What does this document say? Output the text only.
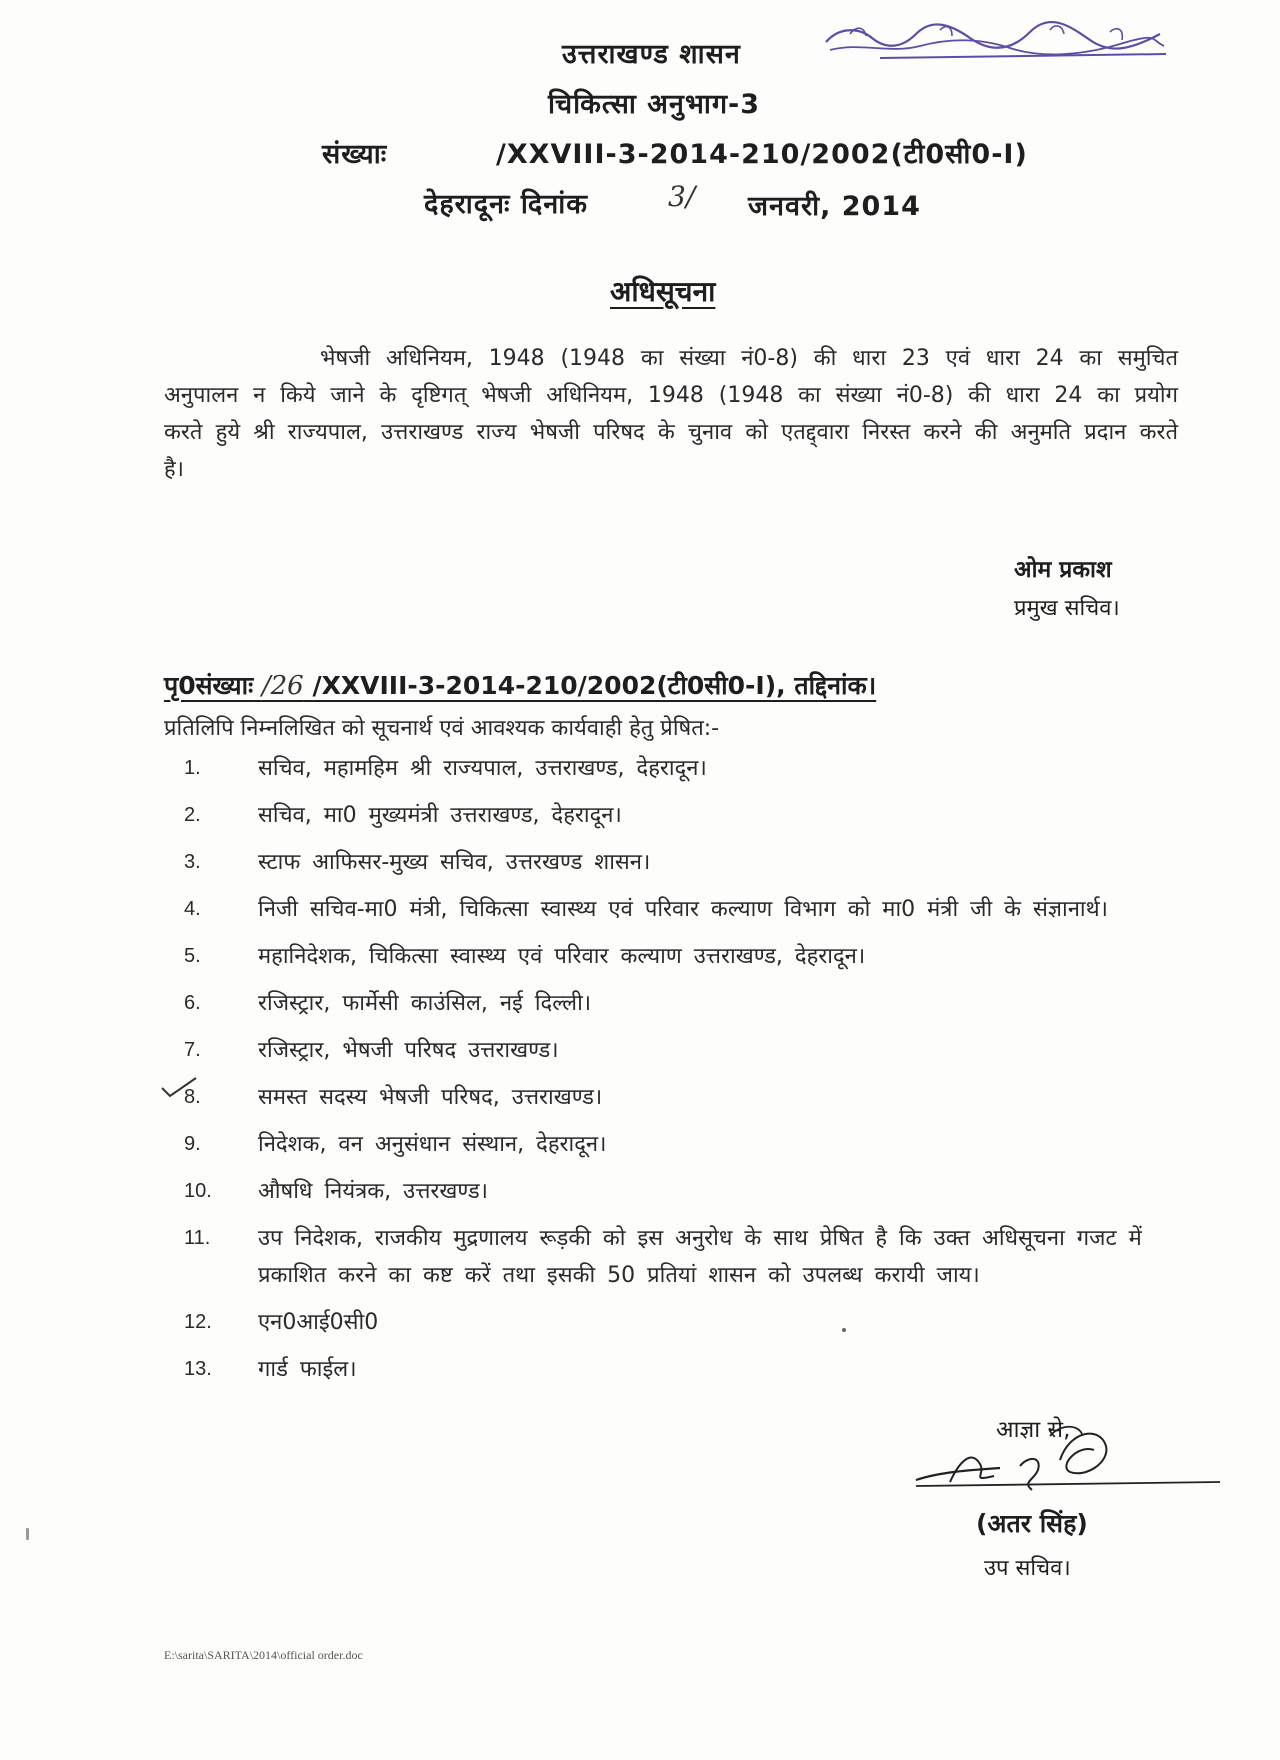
उत्तराखण्ड शासन
चिकित्सा अनुभाग-3
संख्याः	/XXVIII-3-2014-210/2002(टी0सी0-I)
देहरादूनः दिनांक	3/ जनवरी, 2014
अधिसूचना
भेषजी अधिनियम, 1948 (1948 का संख्या नं0-8) की धारा 23 एवं धारा 24 का समुचित अनुपालन न किये जाने के दृष्टिगत् भेषजी अधिनियम, 1948 (1948 का संख्या नं0-8) की धारा 24 का प्रयोग करते हुये श्री राज्यपाल, उत्तराखण्ड राज्य भेषजी परिषद के चुनाव को एतद्द्वारा निरस्त करने की अनुमति प्रदान करते है।
ओम प्रकाश
प्रमुख सचिव।
पृ0संख्याः /26 /XXVIII-3-2014-210/2002(टी0सी0-I), तद्दिनांक।
प्रतिलिपि निम्नलिखित को सूचनार्थ एवं आवश्यक कार्यवाही हेतु प्रेषित:-
1.	सचिव, महामहिम श्री राज्यपाल, उत्तराखण्ड, देहरादून।
2.	सचिव, मा0 मुख्यमंत्री उत्तराखण्ड, देहरादून।
3.	स्टाफ आफिसर-मुख्य सचिव, उत्तरखण्ड शासन।
4.	निजी सचिव-मा0 मंत्री, चिकित्सा स्वास्थ्य एवं परिवार कल्याण विभाग को मा0 मंत्री जी के संज्ञानार्थ।
5.	महानिदेशक, चिकित्सा स्वास्थ्य एवं परिवार कल्याण उत्तराखण्ड, देहरादून।
6.	रजिस्ट्रार, फार्मेसी काउंसिल, नई दिल्ली।
7.	रजिस्ट्रार, भेषजी परिषद उत्तराखण्ड।
8.	समस्त सदस्य भेषजी परिषद, उत्तराखण्ड।
9.	निदेशक, वन अनुसंधान संस्थान, देहरादून।
10.	औषधि नियंत्रक, उत्तरखण्ड।
11.	उप निदेशक, राजकीय मुद्रणालय रूड़की को इस अनुरोध के साथ प्रेषित है कि उक्त अधिसूचना गजट में प्रकाशित करने का कष्ट करें तथा इसकी 50 प्रतियां शासन को उपलब्ध करायी जाय।
12.	एन0आई0सी0
13.	गार्ड फाईल।
आज्ञा से,
(अतर सिंह)
उप सचिव।
E:\sarita\SARITA\2014\official order.doc
